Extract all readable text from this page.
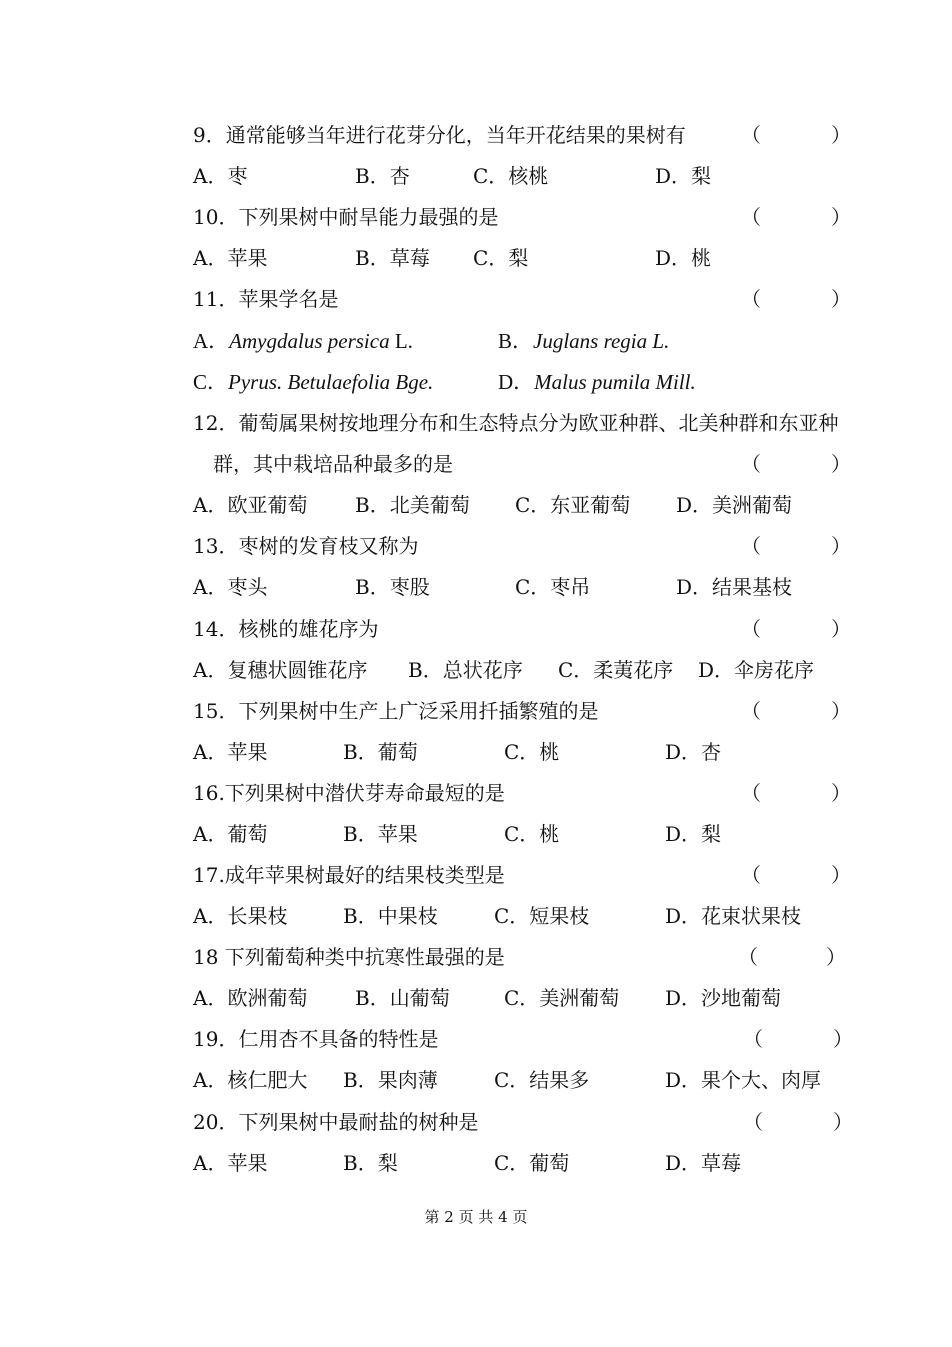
9．通常能够当年进行花芽分化，当年开花结果的果树有	（	）
A．枣	B．杏	C．核桃	D．梨
10．下列果树中耐旱能力最强的是	（	）
A．苹果	B．草莓 C．梨	D．桃
11．苹果学名是	（	）
A．Amygdalus persica L.	B．Juglans regia L.
C．Pyrus. Betulaefolia Bge.	D．Malus pumila Mill.
12．葡萄属果树按地理分布和生态特点分为欧亚种群、北美种群和东亚种
群，其中栽培品种最多的是	（	）
A．欧亚葡萄 B．北美葡萄 C．东亚葡萄 D．美洲葡萄
13．枣树的发育枝又称为	（	）
A．枣头	B．枣股	C．枣吊	D．结果基枝
14．核桃的雄花序为	（	）
A．复穗状圆锥花序 B．总状花序 C．柔荑花序 D．伞房花序
15．下列果树中生产上广泛采用扦插繁殖的是	（	）
A．苹果	B．葡萄	C．桃	D．杏
16.下列果树中潜伏芽寿命最短的是	（	）
A．葡萄	B．苹果	C．桃	D．梨
17.成年苹果树最好的结果枝类型是	（	）
A．长果枝	B．中果枝	C．短果枝	D．花束状果枝
18 下列葡萄种类中抗寒性最强的是	（	）
A．欧洲葡萄 B．山葡萄	C．美洲葡萄 D．沙地葡萄
19．仁用杏不具备的特性是	（	）
A．核仁肥大 B．果肉薄	C．结果多	D．果个大、肉厚
20．下列果树中最耐盐的树种是	（	）
A．苹果	B．梨	C．葡萄	D．草莓
第 2 页 共 4 页
